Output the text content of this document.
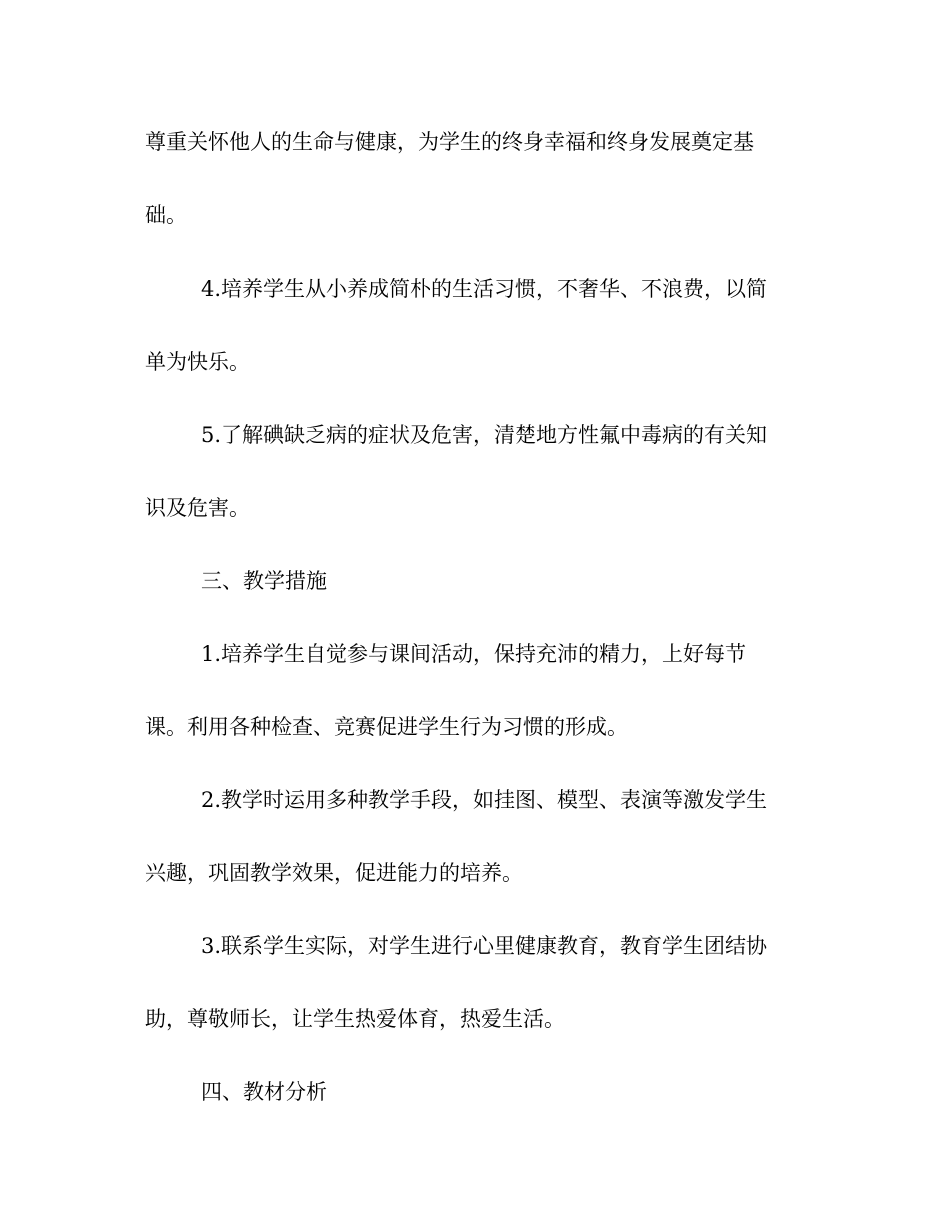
尊重关怀他人的生命与健康，为学生的终身幸福和终身发展奠定基
础。
4.培养学生从小养成简朴的生活习惯，不奢华、不浪费，以简
单为快乐。
5.了解碘缺乏病的症状及危害，清楚地方性氟中毒病的有关知
识及危害。
三、教学措施
1.培养学生自觉参与课间活动，保持充沛的精力，上好每节
课。利用各种检查、竞赛促进学生行为习惯的形成。
2.教学时运用多种教学手段，如挂图、模型、表演等激发学生
兴趣，巩固教学效果，促进能力的培养。
3.联系学生实际，对学生进行心里健康教育，教育学生团结协
助，尊敬师长，让学生热爱体育，热爱生活。
四、教材分析
